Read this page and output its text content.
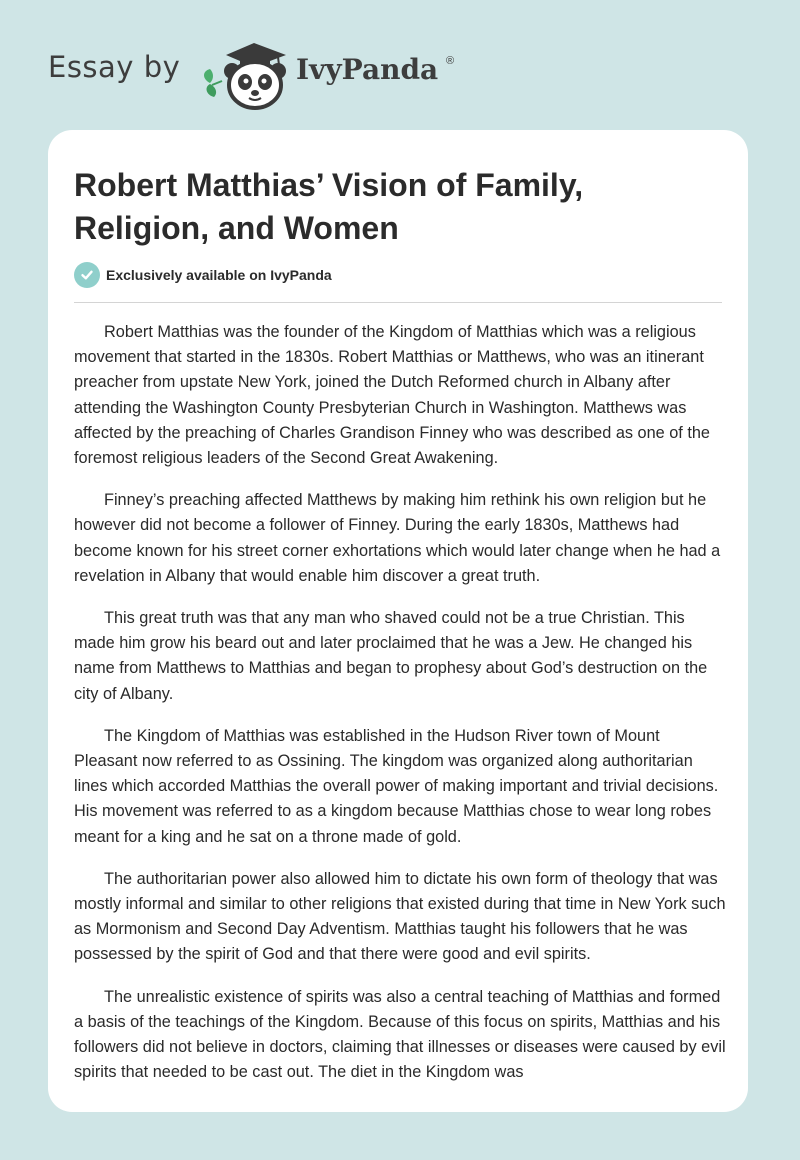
Essay by	IvyPanda ®
Robert Matthias’ Vision of Family, Religion, and Women
Exclusively available on IvyPanda

Robert Matthias was the founder of the Kingdom of Matthias which was a religious movement that started in the 1830s. Robert Matthias or Matthews, who was an itinerant preacher from upstate New York, joined the Dutch Reformed church in Albany after attending the Washington County Presbyterian Church in Washington. Matthews was affected by the preaching of Charles Grandison Finney who was described as one of the foremost religious leaders of the Second Great Awakening.

Finney’s preaching affected Matthews by making him rethink his own religion but he however did not become a follower of Finney. During the early 1830s, Matthews had become known for his street corner exhortations which would later change when he had a revelation in Albany that would enable him discover a great truth.

This great truth was that any man who shaved could not be a true Christian. This made him grow his beard out and later proclaimed that he was a Jew. He changed his name from Matthews to Matthias and began to prophesy about God’s destruction on the city of Albany.

The Kingdom of Matthias was established in the Hudson River town of Mount Pleasant now referred to as Ossining. The kingdom was organized along authoritarian lines which accorded Matthias the overall power of making important and trivial decisions. His movement was referred to as a kingdom because Matthias chose to wear long robes meant for a king and he sat on a throne made of gold.

The authoritarian power also allowed him to dictate his own form of theology that was mostly informal and similar to other religions that existed during that time in New York such as Mormonism and Second Day Adventism. Matthias taught his followers that he was possessed by the spirit of God and that there were good and evil spirits.

The unrealistic existence of spirits was also a central teaching of Matthias and formed a basis of the teachings of the Kingdom. Because of this focus on spirits, Matthias and his followers did not believe in doctors, claiming that illnesses or diseases were caused by evil spirits that needed to be cast out. The diet in the Kingdom was
